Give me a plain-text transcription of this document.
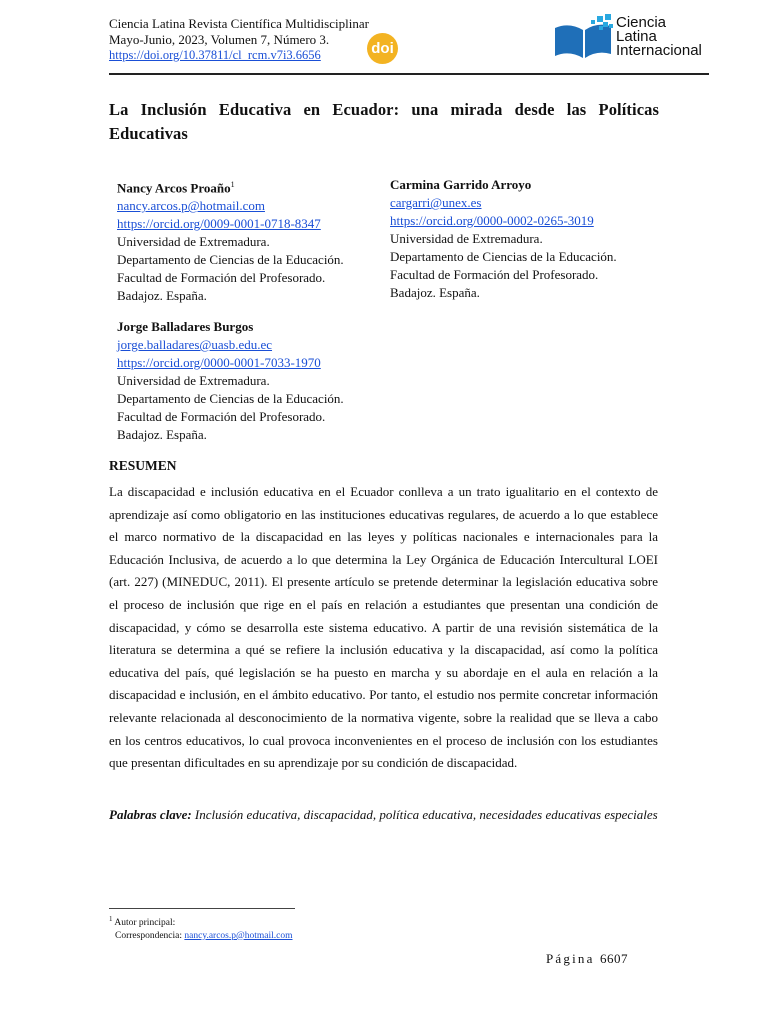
Ciencia Latina Revista Científica Multidisciplinar
Mayo-Junio, 2023, Volumen 7, Número 3.
https://doi.org/10.37811/cl_rcm.v7i3.6656	doi
Ciencia
Latina
Internacional
La Inclusión Educativa en Ecuador: una mirada desde las Políticas Educativas
Nancy Arcos Proaño$^1$
nancy.arcos.p@hotmail.com
https://orcid.org/0009-0001-0718-8347
Universidad de Extremadura.
Departamento de Ciencias de la Educación.
Facultad de Formación del Profesorado.
Badajoz. España.
Carmina Garrido Arroyo
cargarri@unex.es
https://orcid.org/0000-0002-0265-3019
Universidad de Extremadura.
Departamento de Ciencias de la Educación.
Facultad de Formación del Profesorado.
Badajoz. España.
Jorge Balladares Burgos
jorge.balladares@uasb.edu.ec
https://orcid.org/0000-0001-7033-1970
Universidad de Extremadura.
Departamento de Ciencias de la Educación.
Facultad de Formación del Profesorado.
Badajoz. España.
RESUMEN
La discapacidad e inclusión educativa en el Ecuador conlleva a un trato igualitario en el contexto de aprendizaje así como obligatorio en las instituciones educativas regulares, de acuerdo a lo que establece el marco normativo de la discapacidad en las leyes y políticas nacionales e internacionales para la Educación Inclusiva, de acuerdo a lo que determina la Ley Orgánica de Educación Intercultural LOEI (art. 227) (MINEDUC, 2011). El presente artículo se pretende determinar la legislación educativa sobre el proceso de inclusión que rige en el país en relación a estudiantes que presentan una condición de discapacidad, y cómo se desarrolla este sistema educativo. A partir de una revisión sistemática de la literatura se determina a qué se refiere la inclusión educativa y la discapacidad, así como la política educativa del país, qué legislación se ha puesto en marcha y su abordaje en el aula en relación a la discapacidad e inclusión, en el ámbito educativo. Por tanto, el estudio nos permite concretar información relevante relacionada al desconocimiento de la normativa vigente, sobre la realidad que se lleva a cabo en los centros educativos, lo cual provoca inconvenientes en el proceso de inclusión con los estudiantes que presentan dificultades en su aprendizaje por su condición de discapacidad.
Palabras clave: Inclusión educativa, discapacidad, política educativa, necesidades educativas especiales
$^1$ Autor principal:
Correspondencia: nancy.arcos.p@hotmail.com
Página 6607
